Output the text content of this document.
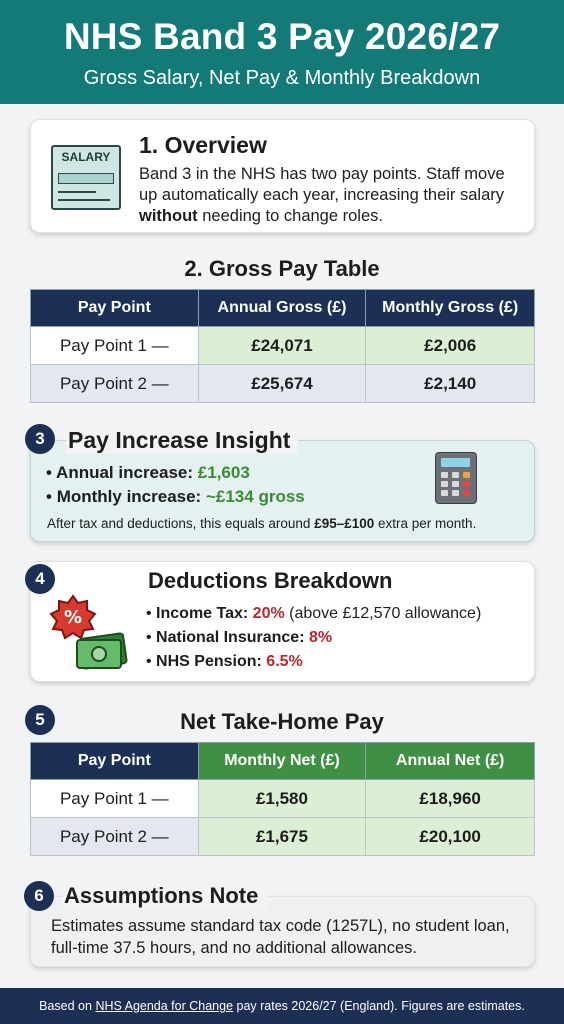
NHS Band 3 Pay 2026/27
Gross Salary, Net Pay & Monthly Breakdown
SALARY	1. Overview
Band 3 in the NHS has two pay points. Staff move up automatically each year, increasing their salary without needing to change roles.
2. Gross Pay Table
Pay Point	Annual Gross (£)	Monthly Gross (£)
Pay Point 1 —	£24,071	£2,006
Pay Point 2 —	£25,674	£2,140
• Annual increase: £1,603
• Monthly increase: ~£134 gross
After tax and deductions, this equals around £95–£100 extra per month.
3	Pay Increase Insight
Deductions Breakdown
%	• Income Tax: 20% (above £12,570 allowance)
• National Insurance: 8%
• NHS Pension: 6.5%
4
5	Net Take-Home Pay
Pay Point	Monthly Net (£)	Annual Net (£)
Pay Point 1 —	£1,580	£18,960
Pay Point 2 —	£1,675	£20,100
Estimates assume standard tax code (1257L), no student loan, full-time 37.5 hours, and no additional allowances.
6 Assumptions Note
Based on NHS Agenda for Change pay rates 2026/27 (England). Figures are estimates.
